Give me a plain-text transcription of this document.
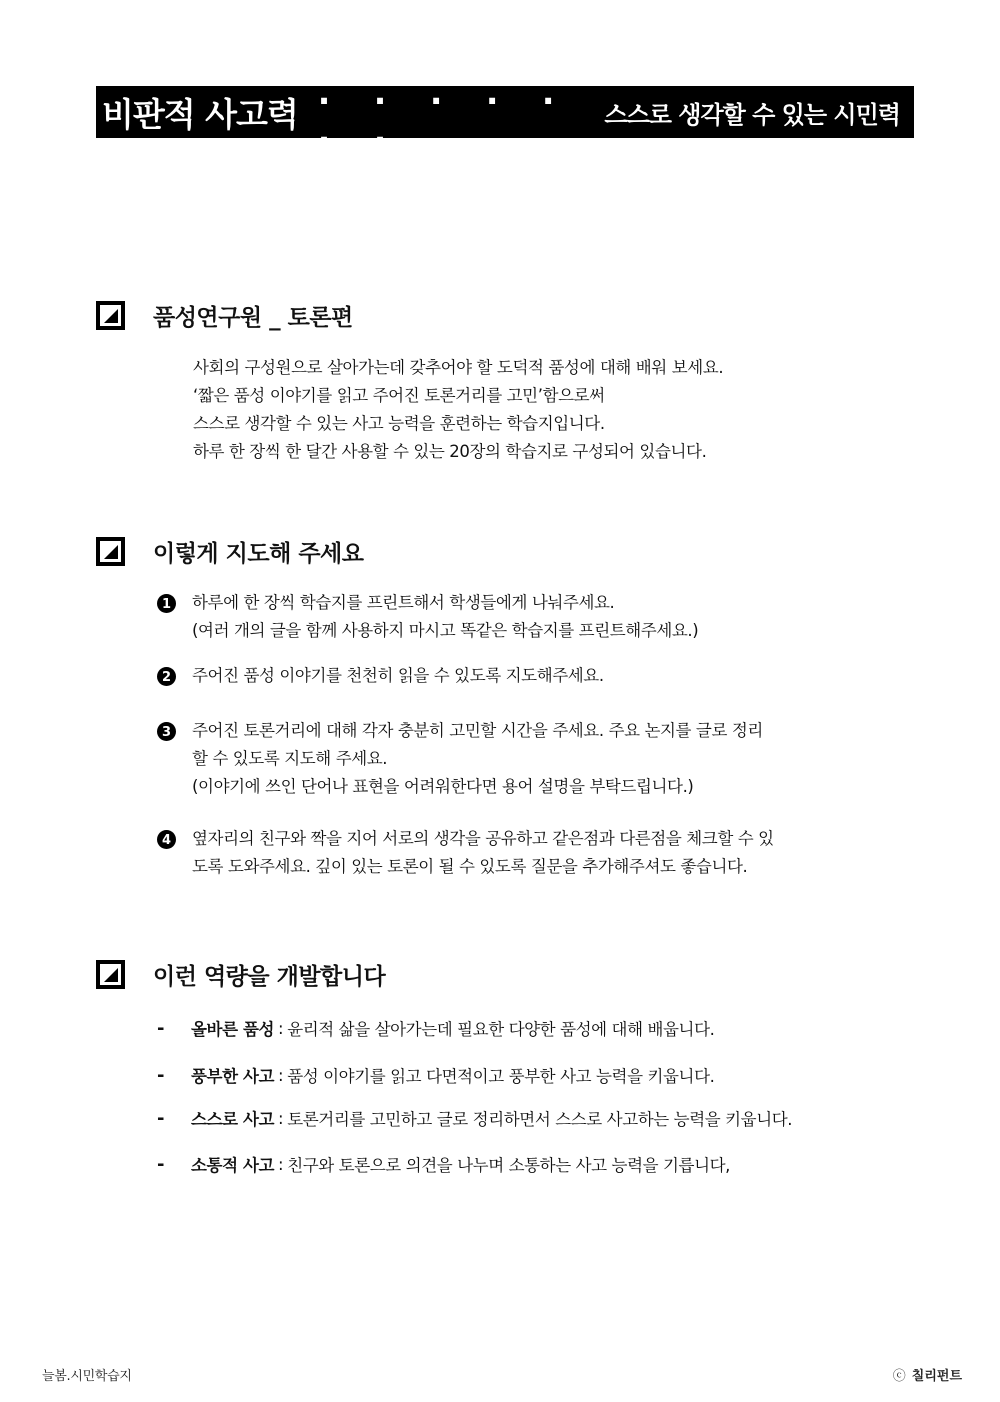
비판적 사고력
. . . . . . .	스스로 생각할 수 있는 시민력
품성연구원 _ 토론편

사회의 구성원으로 살아가는데 갖추어야 할 도덕적 품성에 대해 배워 보세요.

‘짧은 품성 이야기를 읽고 주어진 토론거리를 고민’함으로써

스스로 생각할 수 있는 사고 능력을 훈련하는 학습지입니다.

하루 한 장씩 한 달간 사용할 수 있는 20장의 학습지로 구성되어 있습니다.

이렇게 지도해 주세요
1 하루에 한 장씩 학습지를 프린트해서 학생들에게 나눠주세요.

(여러 개의 글을 함께 사용하지 마시고 똑같은 학습지를 프린트해주세요.)

2 주어진 품성 이야기를 천천히 읽을 수 있도록 지도해주세요.

3 주어진 토론거리에 대해 각자 충분히 고민할 시간을 주세요. 주요 논지를 글로 정리

할 수 있도록 지도해 주세요.

(이야기에 쓰인 단어나 표현을 어려워한다면 용어 설명을 부탁드립니다.)

4 옆자리의 친구와 짝을 지어 서로의 생각을 공유하고 같은점과 다른점을 체크할 수 있

도록 도와주세요. 깊이 있는 토론이 될 수 있도록 질문을 추가해주셔도 좋습니다.

이런 역량을 개발합니다
-	올바른 품성 : 윤리적 삶을 살아가는데 필요한 다양한 품성에 대해 배웁니다.
-	풍부한 사고 : 품성 이야기를 읽고 다면적이고 풍부한 사고 능력을 키웁니다.
-	스스로 사고 : 토론거리를 고민하고 글로 정리하면서 스스로 사고하는 능력을 키웁니다.
-	소통적 사고 : 친구와 토론으로 의견을 나누며 소통하는 사고 능력을 기릅니다,
늘봄.시민학습지	ⓒ 칠리펀트
